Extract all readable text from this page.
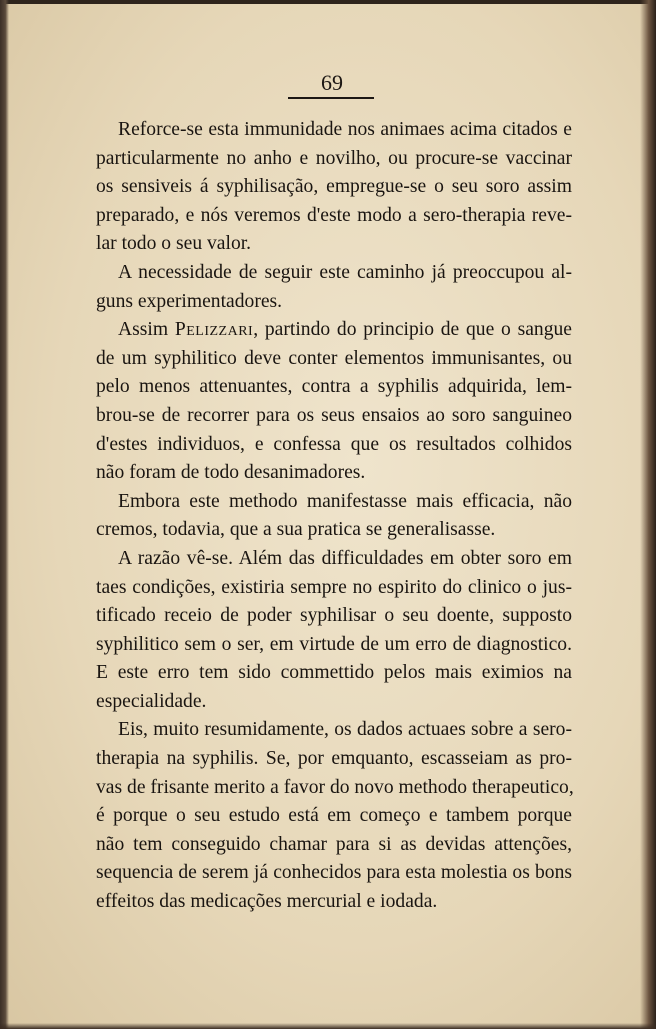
69
Reforce-se esta immunidade nos animaes acima citados e
particularmente no anho e novilho, ou procure-se vaccinar
os sensiveis á syphilisação, empregue-se o seu soro assim
preparado, e nós veremos d'este modo a sero-therapia reve-
lar todo o seu valor.
A necessidade de seguir este caminho já preoccupou al-
guns experimentadores.
Assim Pelizzari, partindo do principio de que o sangue
de um syphilitico deve conter elementos immunisantes, ou
pelo menos attenuantes, contra a syphilis adquirida, lem-
brou-se de recorrer para os seus ensaios ao soro sanguineo
d'estes individuos, e confessa que os resultados colhidos
não foram de todo desanimadores.
Embora este methodo manifestasse mais efficacia, não
cremos, todavia, que a sua pratica se generalisasse.
A razão vê-se. Além das difficuldades em obter soro em
taes condições, existiria sempre no espirito do clinico o jus-
tificado receio de poder syphilisar o seu doente, supposto
syphilitico sem o ser, em virtude de um erro de diagnostico.
E este erro tem sido commettido pelos mais eximios na
especialidade.
Eis, muito resumidamente, os dados actuaes sobre a sero-
therapia na syphilis. Se, por emquanto, escasseiam as pro-
vas de frisante merito a favor do novo methodo therapeutico,
é porque o seu estudo está em começo e tambem porque
não tem conseguido chamar para si as devidas attenções,
sequencia de serem já conhecidos para esta molestia os bons
effeitos das medicações mercurial e iodada.
